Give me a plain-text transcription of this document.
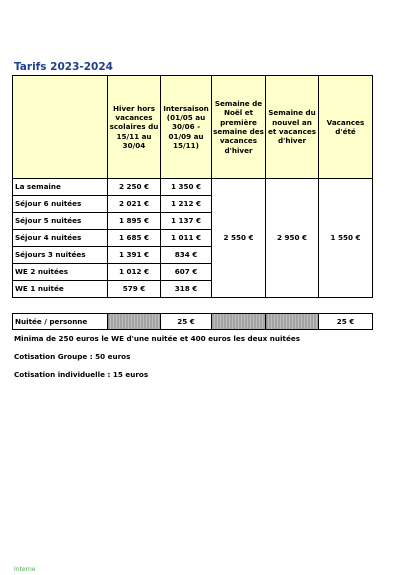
Tarifs 2023-2024
	Hiver hors vacances scolaires du 15/11 au 30/04	Intersaison (01/05 au 30/06 - 01/09 au 15/11)	Semaine de Noël et première semaine des vacances d'hiver	Semaine du nouvel an et vacances d'hiver	Vacances d'été
La semaine	2 250 €	1 350 €	2 550 €	2 950 €	1 550 €
Séjour 6 nuitées	2 021 €	1 212 €			
Séjour 5 nuitées	1 895 €	1 137 €			
Séjour 4 nuitées	1 685 €	1 011 €			
Séjours 3 nuitées	1 391 €	834 €			
WE 2 nuitées	1 012 €	607 €			
WE 1 nuitée	579 €	318 €			
Nuitée / personne		25 €			25 €
Minima de 250 euros le WE d'une nuitée et 400 euros les deux nuitées
Cotisation Groupe : 50 euros
Cotisation individuelle : 15 euros
Interne
